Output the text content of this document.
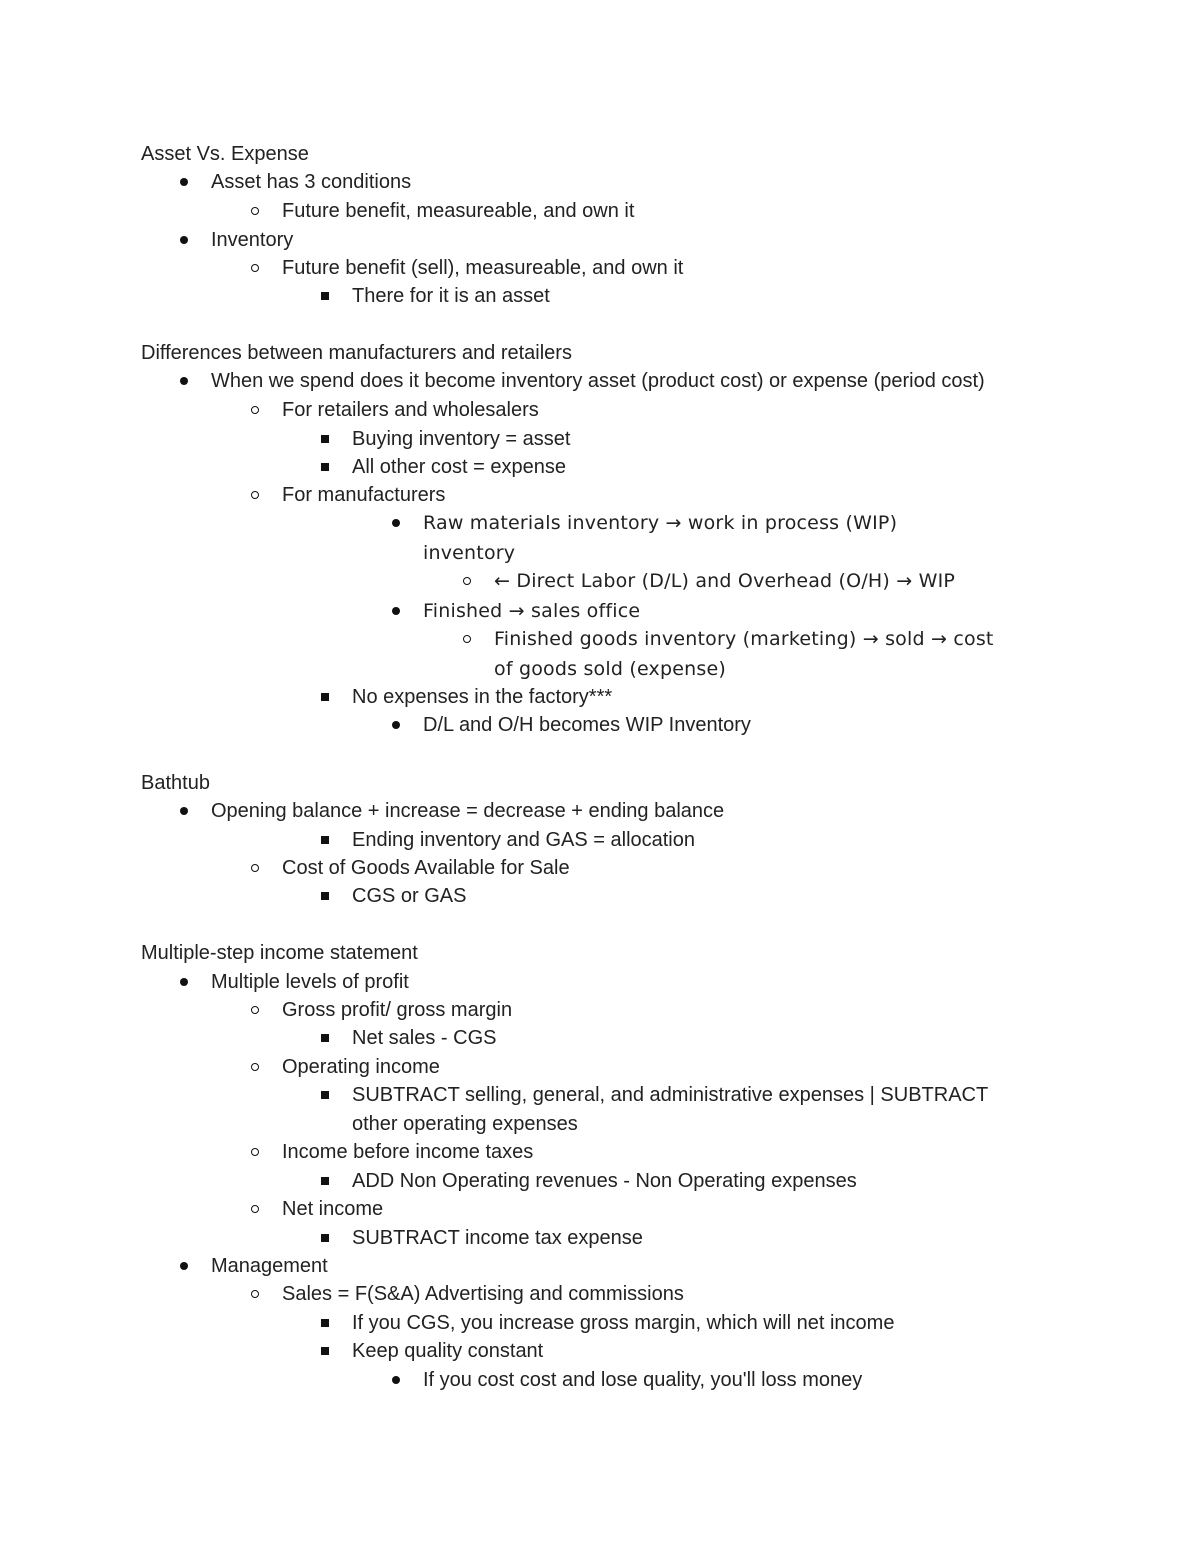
Asset Vs. Expense
Asset has 3 conditions
Future benefit, measureable, and own it
Inventory
Future benefit (sell), measureable, and own it
There for it is an asset
Differences between manufacturers and retailers
When we spend does it become inventory asset (product cost) or expense (period cost)
For retailers and wholesalers
Buying inventory = asset
All other cost = expense
For manufacturers
Raw materials inventory → work in process (WIP)
inventory
← Direct Labor (D/L) and Overhead (O/H) → WIP
Finished → sales office
Finished goods inventory (marketing) → sold → cost
of goods sold (expense)
No expenses in the factory***
D/L and O/H becomes WIP Inventory
Bathtub
Opening balance + increase = decrease + ending balance
Ending inventory and GAS = allocation
Cost of Goods Available for Sale
CGS or GAS
Multiple-step income statement
Multiple levels of profit
Gross profit/ gross margin
Net sales - CGS
Operating income
SUBTRACT selling, general, and administrative expenses | SUBTRACT
other operating expenses
Income before income taxes
ADD Non Operating revenues - Non Operating expenses
Net income
SUBTRACT income tax expense
Management
Sales = F(S&A) Advertising and commissions
If you CGS, you increase gross margin, which will net income
Keep quality constant
If you cost cost and lose quality, you'll loss money
